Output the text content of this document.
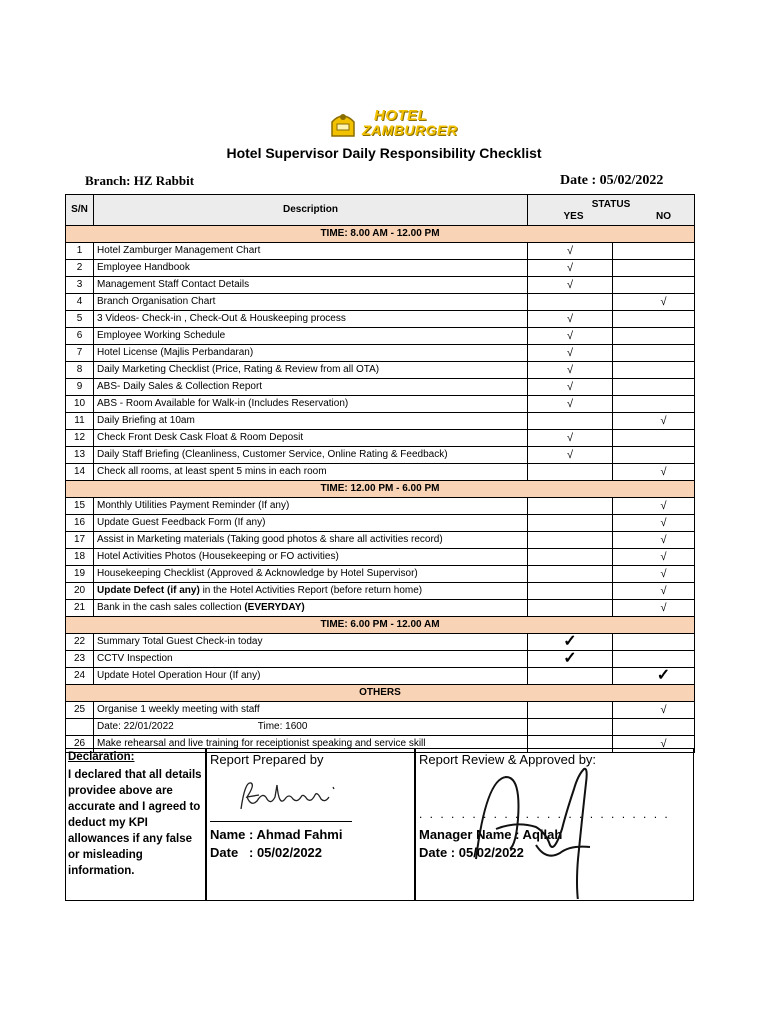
HOTEL
ZAMBURGER
Hotel Supervisor Daily Responsibility Checklist
Branch: HZ Rabbit	Date : 05/02/2022
S/N	Description	STATUS
YES NO	

TIME: 8.00 AM - 12.00 PM			
1	Hotel Zamburger Management Chart	√	
2	Employee Handbook	√	
3	Management Staff Contact Details	√	
4	Branch Organisation Chart		√
5	3 Videos- Check-in , Check-Out & Houskeeping process	√	
6	Employee Working Schedule	√	
7	Hotel License (Majlis Perbandaran)	√	
8	Daily Marketing Checklist (Price, Rating & Review from all OTA)	√	
9	ABS- Daily Sales & Collection Report	√	
10	ABS - Room Available for Walk-in (Includes Reservation)	√	
11	Daily Briefing at 10am		√
12	Check Front Desk Cask Float & Room Deposit	√	
13	Daily Staff Briefing (Cleanliness, Customer Service, Online Rating & Feedback)	√	
14	Check all rooms, at least spent 5 mins in each room		√
TIME: 12.00 PM - 6.00 PM			
15	Monthly Utilities Payment Reminder (If any)		√
16	Update Guest Feedback Form (If any)		√
17	Assist in Marketing materials (Taking good photos & share all activities record)		√
18	Hotel Activities Photos (Housekeeping or FO activities)		√
19	Housekeeping Checklist (Approved & Acknowledge by Hotel Supervisor)		√
20	Update Defect (if any) in the Hotel Activities Report (before return home)		√
21	Bank in the cash sales collection (EVERYDAY)		√
TIME: 6.00 PM - 12.00 AM			
22	Summary Total Guest Check-in today	✓	
23	CCTV Inspection	✓	
24	Update Hotel Operation Hour (If any)		✓
OTHERS			
25	Organise 1 weekly meeting with staff		√
	Date: 22/01/2022 Time: 1600		
26	Make rehearsal and live training for receiptionist speaking and service skill		√
Declaration:
I declared that all details providee above are accurate and I agreed to deduct my KPI allowances if any false or misleading information.
Report Prepared by
Name : Ahmad Fahmi
Date   : 05/02/2022
Report Review & Approved by:
. . . . . . . . . . . . . . . . . . . . . . . .
Manager Name : Aqilah
Date : 05/02/2022
